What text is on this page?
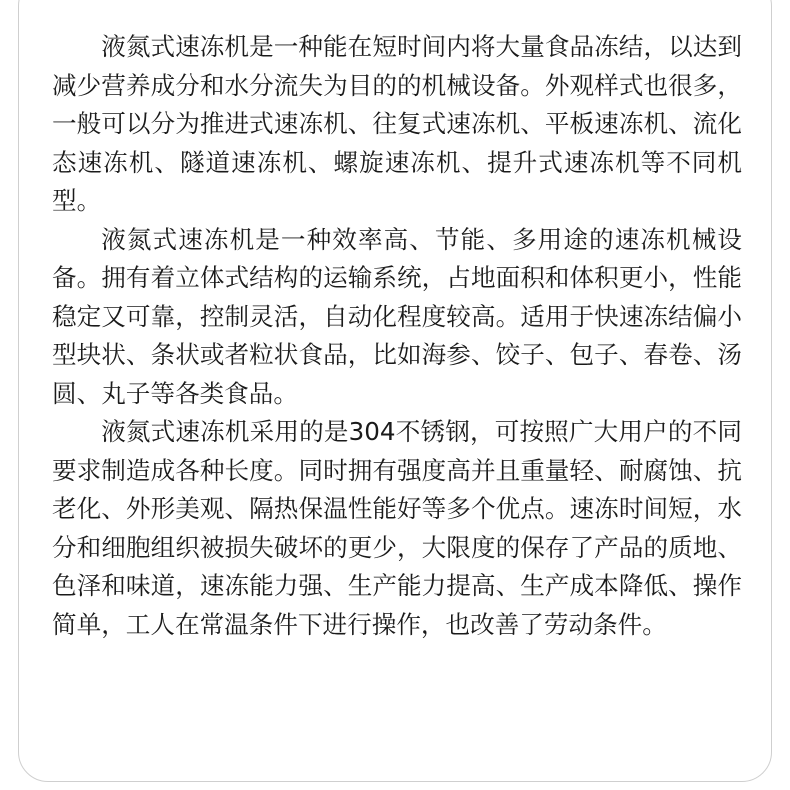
液氮式速冻机是一种能在短时间内将大量食品冻结，以达到减少营养成分和水分流失为目的的机械设备。外观样式也很多，一般可以分为推进式速冻机、往复式速冻机、平板速冻机、流化态速冻机、隧道速冻机、螺旋速冻机、提升式速冻机等不同机型。

液氮式速冻机是一种效率高、节能、多用途的速冻机械设备。拥有着立体式结构的运输系统，占地面积和体积更小，性能稳定又可靠，控制灵活，自动化程度较高。适用于快速冻结偏小型块状、条状或者粒状食品，比如海参、饺子、包子、春卷、汤圆、丸子等各类食品。

液氮式速冻机采用的是304不锈钢，可按照广大用户的不同要求制造成各种长度。同时拥有强度高并且重量轻、耐腐蚀、抗老化、外形美观、隔热保温性能好等多个优点。速冻时间短，水分和细胞组织被损失破坏的更少，大限度的保存了产品的质地、色泽和味道，速冻能力强、生产能力提高、生产成本降低、操作简单，工人在常温条件下进行操作，也改善了劳动条件。
